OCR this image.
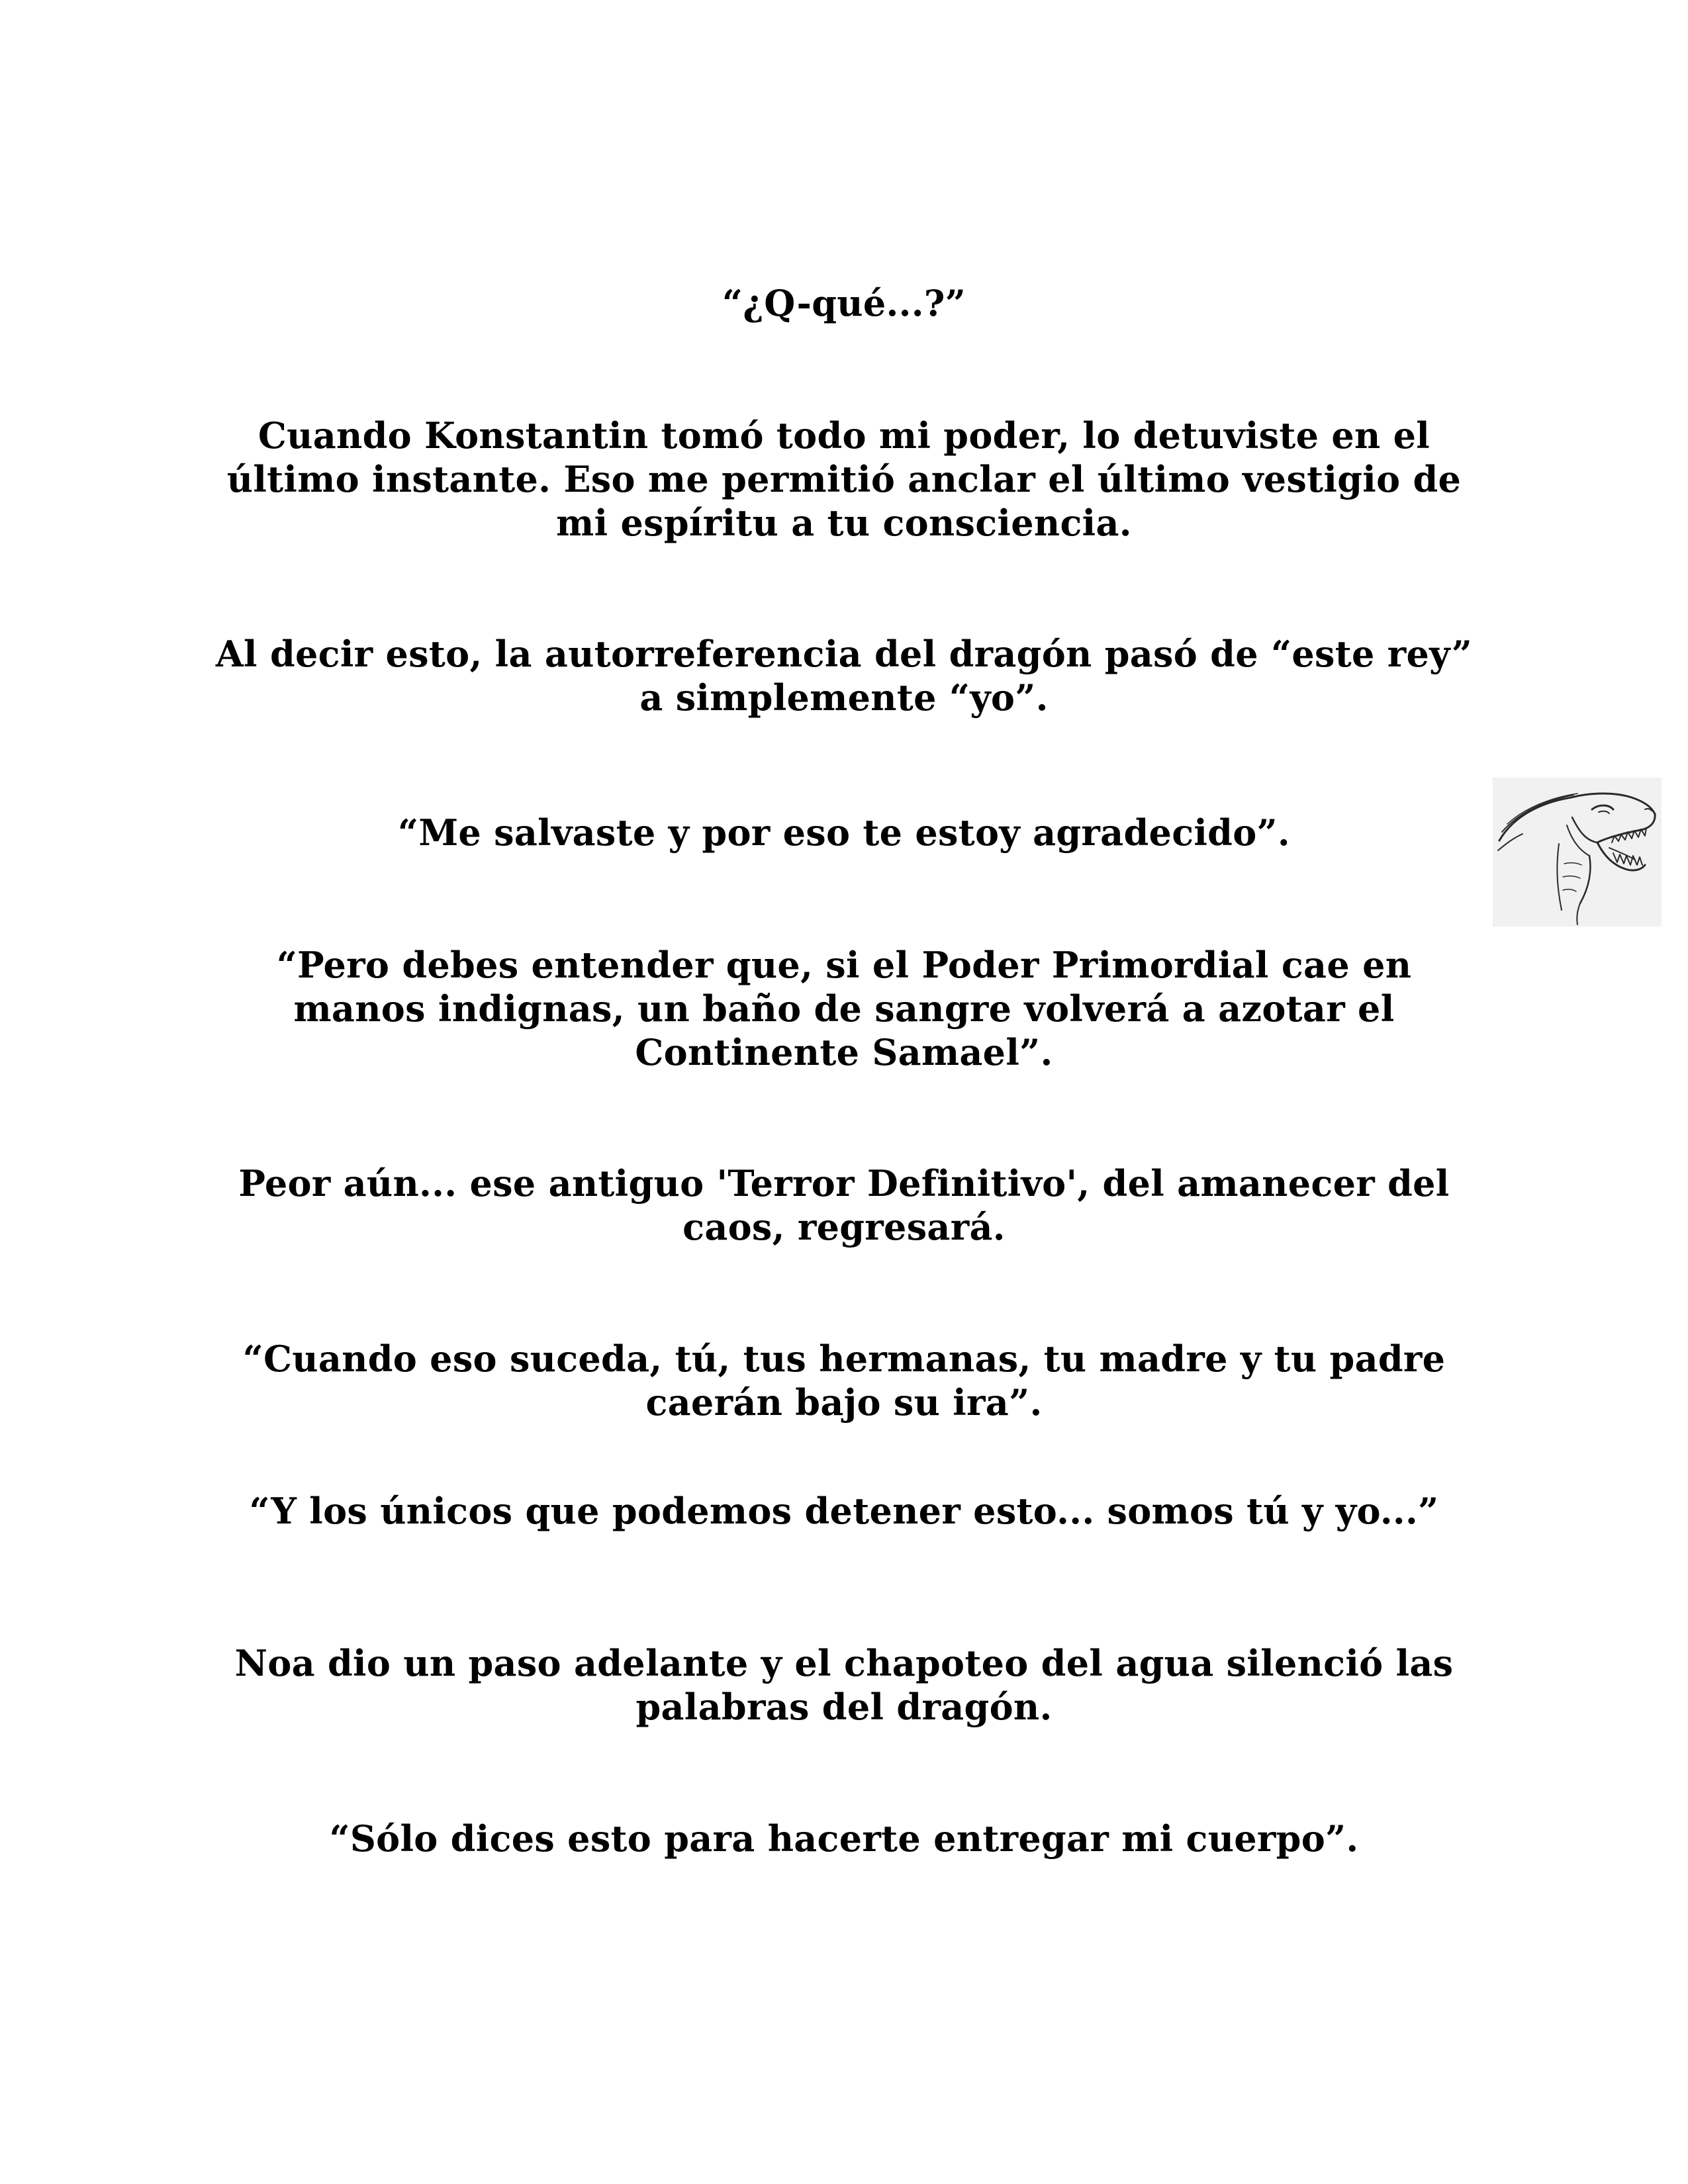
“¿Q-qué...?”

Cuando Konstantin tomó todo mi poder, lo detuviste en el último instante. Eso me permitió anclar el último vestigio de mi espíritu a tu consciencia.

Al decir esto, la autorreferencia del dragón pasó de “este rey” a simplemente “yo”.

“Me salvaste y por eso te estoy agradecido”.

“Pero debes entender que, si el Poder Primordial cae en manos indignas, un baño de sangre volverá a azotar el Continente Samael”.

Peor aún... ese antiguo 'Terror Definitivo', del amanecer del caos, regresará.

“Cuando eso suceda, tú, tus hermanas, tu madre y tu padre caerán bajo su ira”.

“Y los únicos que podemos detener esto... somos tú y yo...”

Noa dio un paso adelante y el chapoteo del agua silenció las palabras del dragón.

“Sólo dices esto para hacerte entregar mi cuerpo”.
